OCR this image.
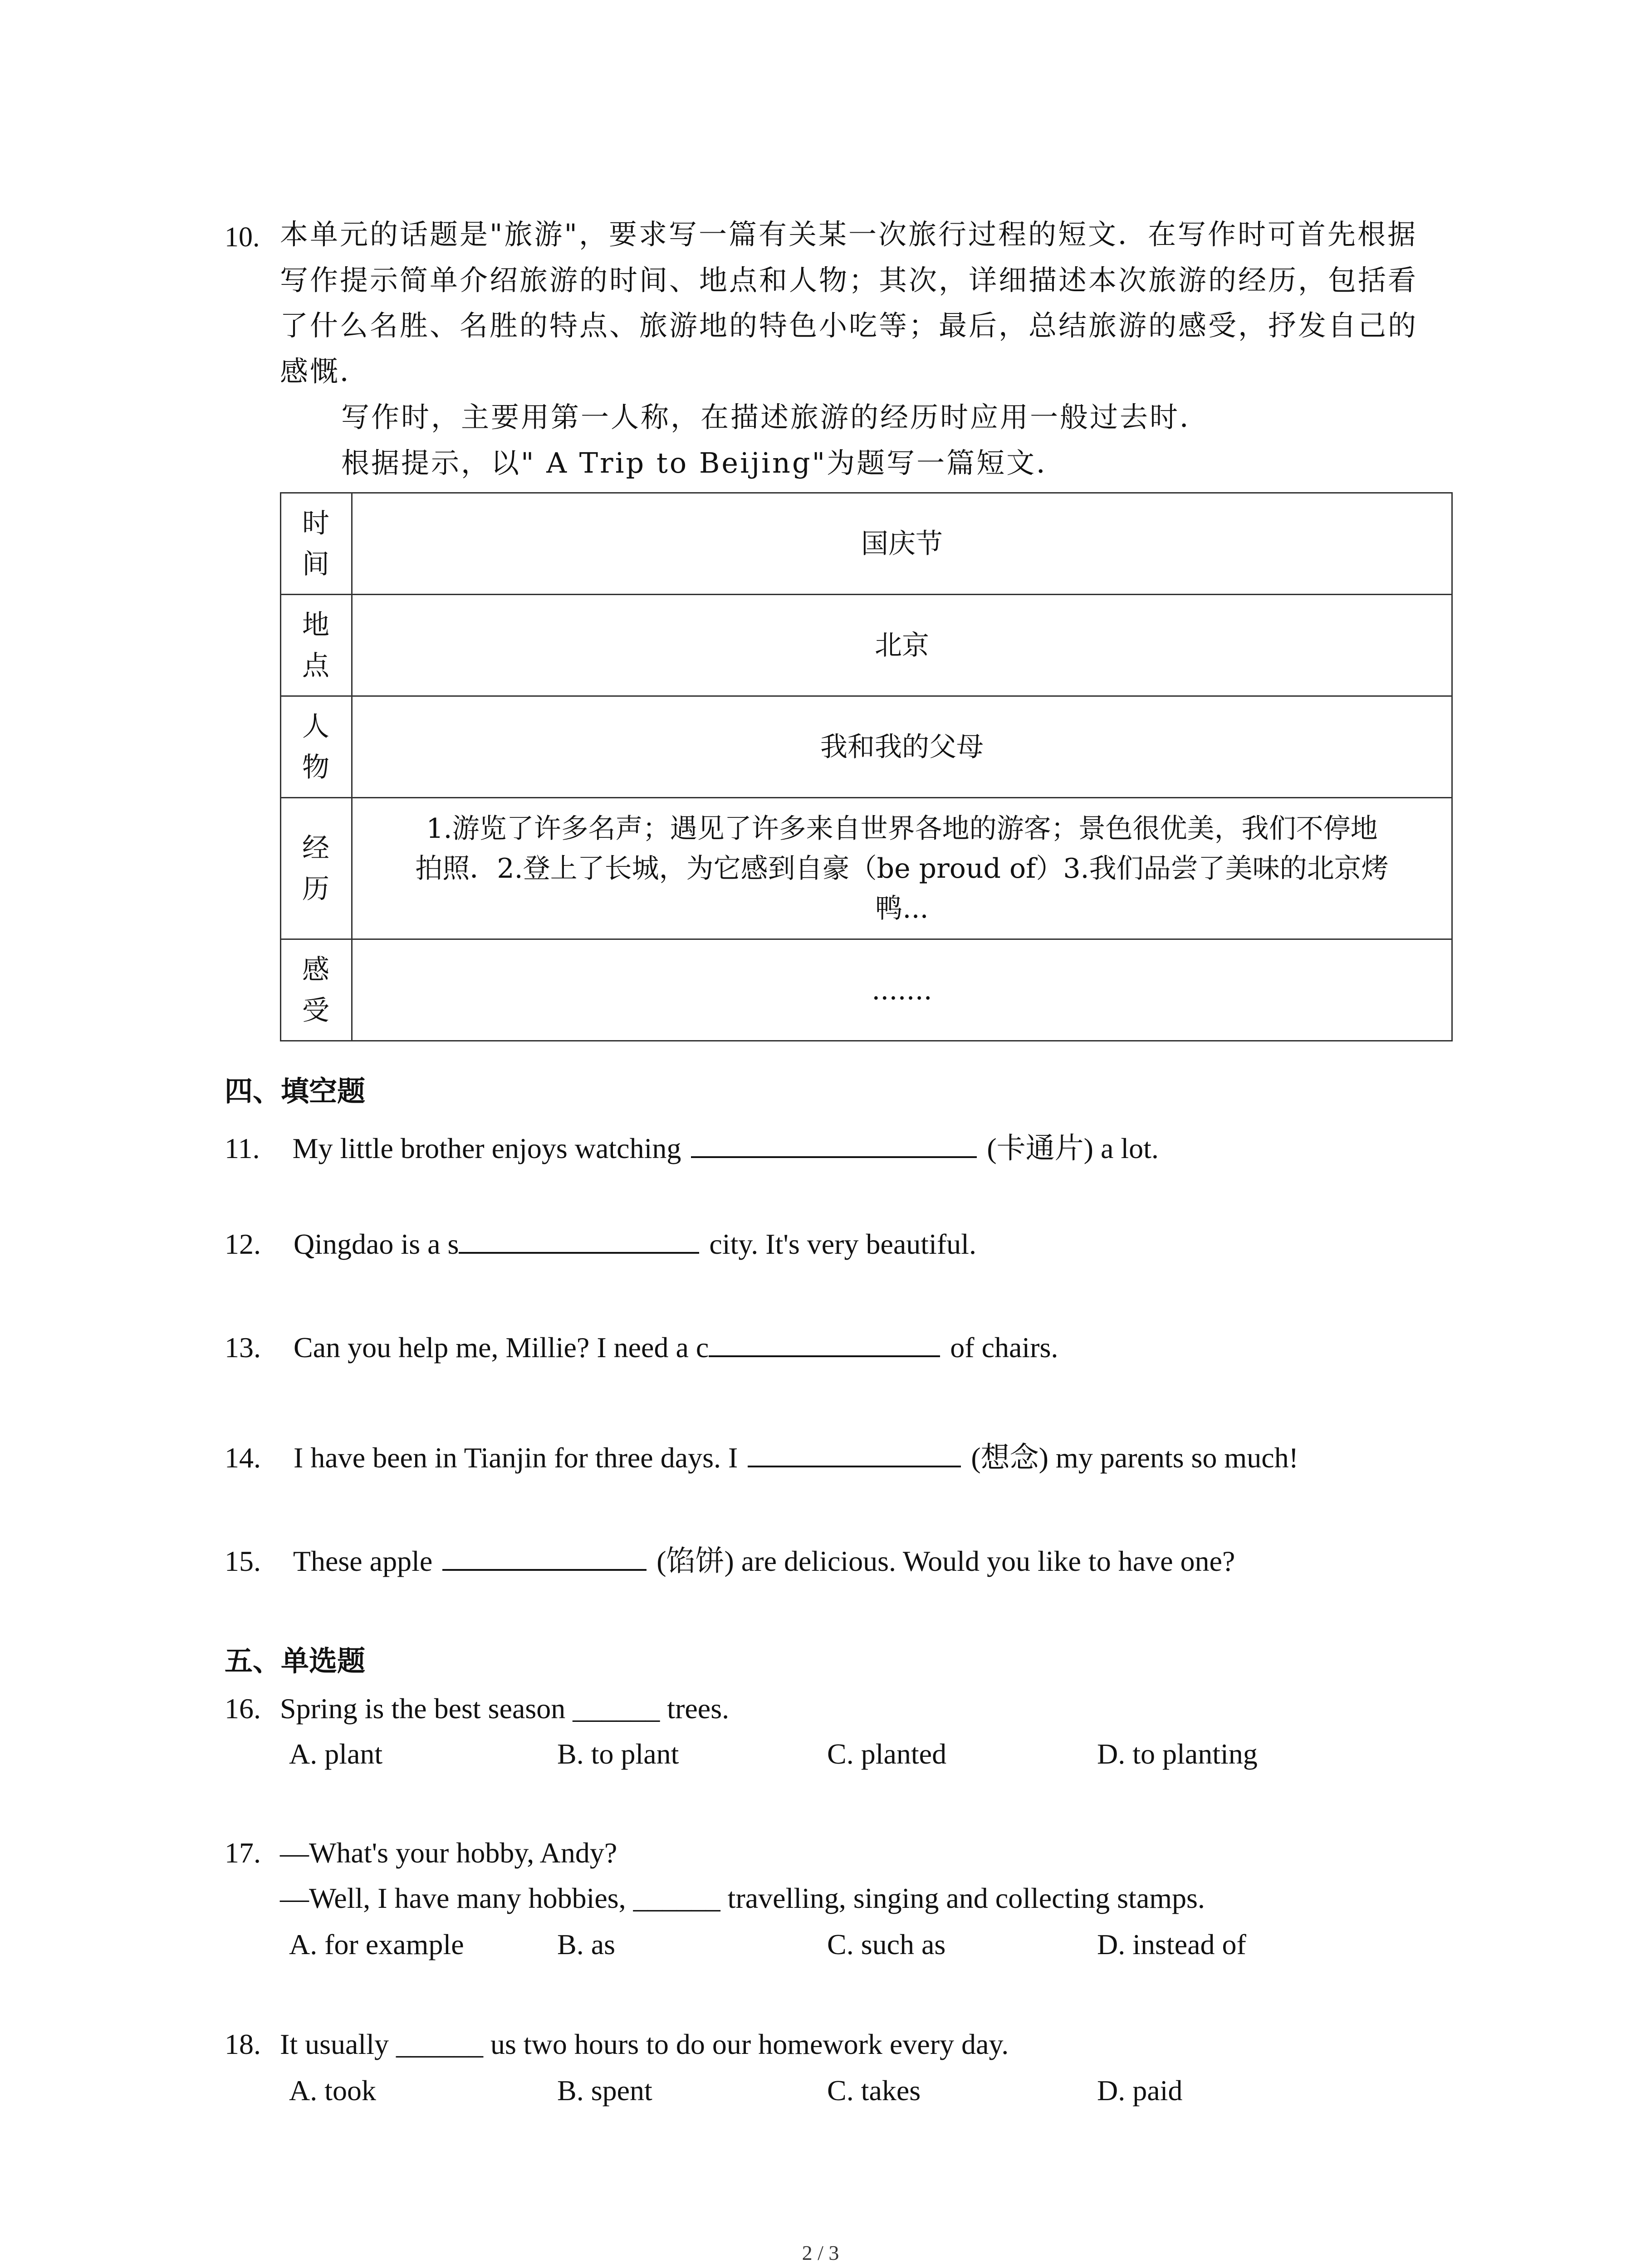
10. 本单元的话题是"旅游"，要求写一篇有关某一次旅行过程的短文．在写作时可首先根据
写作提示简单介绍旅游的时间、地点和人物；其次，详细描述本次旅游的经历，包括看
了什么名胜、名胜的特点、旅游地的特色小吃等；最后，总结旅游的感受，抒发自己的
感慨．
写作时，主要用第一人称，在描述旅游的经历时应用一般过去时．
根据提示，以" A Trip to Beijing"为题写一篇短文．
时间	国庆节
地点	北京
人物	我和我的父母
经历	1.游览了许多名声；遇见了许多来自世界各地的游客；景色很优美，我们不停地
拍照．2.登上了长城，为它感到自豪（be proud of）3.我们品尝了美味的北京烤
鸭...

感受	.......
四、填空题
11. My little brother enjoys watching	(卡通片) a lot.
12. Qingdao is a s	city. It's very beautiful.
13. Can you help me, Millie? I need a c	of chairs.
14. I have been in Tianjin for three days. I	(想念) my parents so much!
15. These apple	(馅饼) are delicious. Would you like to have one?
五、单选题
16. Spring is the best season ______ trees.
A. plant	B. to plant	C. planted	D. to planting
17. —What's your hobby, Andy?
—Well, I have many hobbies, ______ travelling, singing and collecting stamps.
A. for example	B. as	C. such as	D. instead of
18. It usually ______ us two hours to do our homework every day.
A. took	B. spent	C. takes	D. paid
2 / 3
